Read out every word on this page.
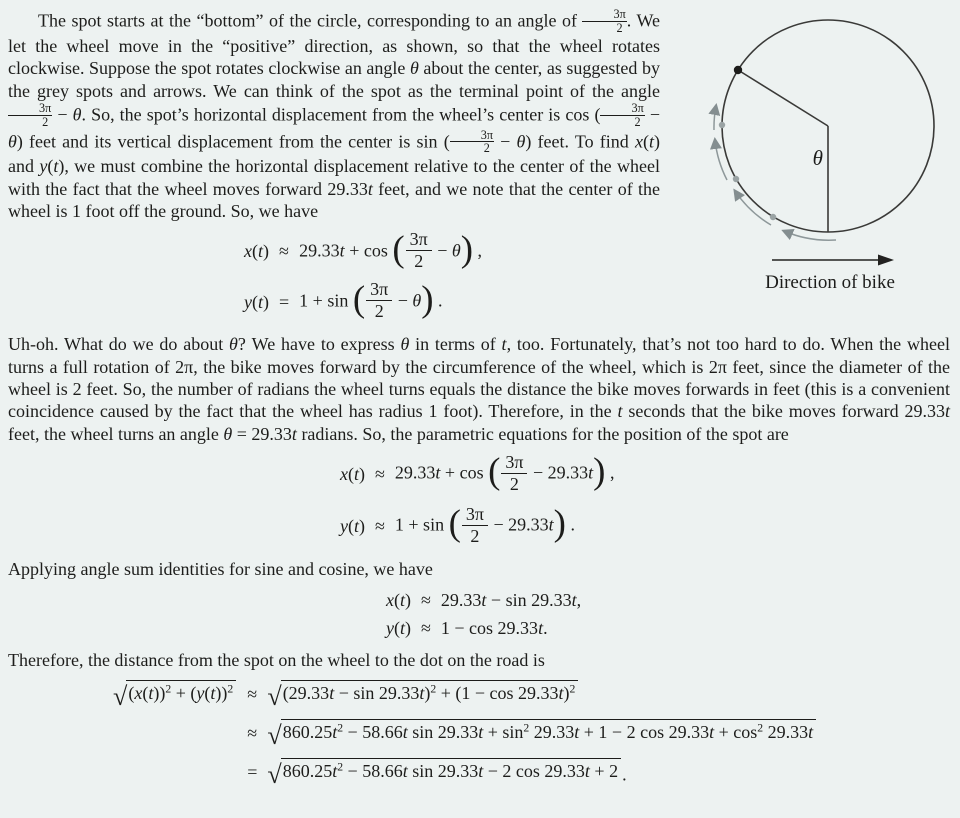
θ
Direction of bike

The spot starts at the “bottom” of the circle, corresponding to an angle of $\frac{3\pi}{2}$ . We let the wheel move in the “positive” direction, as shown, so that the wheel rotates clockwise. Suppose the spot rotates clockwise an angle θ about the center, as suggested by the grey spots and arrows. We can think of the spot as the terminal point of the angle
$\frac{3\pi}{2} - \theta$. So, the spot’s horizontal displacement from the wheel’s center is cos ( $\frac{3\pi}{2} - \theta$) feet and its vertical displacement from the center is sin ( $\frac{3\pi}{2} - \theta$) feet. To find x(t) and y(t), we must combine the horizontal displacement relative to the center of the wheel with the fact that the wheel moves forward 29.33t feet, and we note that the center of the wheel is 1 foot off the ground. So, we have

x(t) ≈ 29.33t + cos ( $\frac{3\pi}{2} - \theta$) ,
y(t) = 1 + sin ( $\frac{3\pi}{2} - \theta$) .

Uh-oh. What do we do about θ? We have to express θ in terms of t, too. Fortunately, that’s not too hard to do. When the wheel turns a full rotation of 2π, the bike moves forward by the circumference of the wheel, which is 2π feet, since the diameter of the wheel is 2 feet. So, the number of radians the wheel turns equals the distance the bike moves forwards in feet (this is a convenient coincidence caused by the fact that the wheel has radius 1 foot). Therefore, in the t seconds that the bike moves forward 29.33t feet, the wheel turns an angle θ = 29.33t radians. So, the parametric equations for the position of the spot are

x(t) ≈ 29.33t + cos ( $\frac{3\pi}{2} - 29.33t$) ,
y(t) ≈ 1 + sin ( $\frac{3\pi}{2} - 29.33t$) .

Applying angle sum identities for sine and cosine, we have

x(t) ≈ 29.33t − sin 29.33t,
y(t) ≈ 1 − cos 29.33t.

Therefore, the distance from the spot on the wheel to the dot on the road is

√ $(x(t))^2 + (y(t))^2$ ≈ √ $(29.33t - \sin 29.33t)^2 + (1 - \cos 29.33t)^2$
≈ √ $860.25t^2 - 58.66t$ $\sin 29.33t + \sin^2 29.33t + 1 - 2$ $\cos 29.33t + \cos^2 29.33t$
= √ $860.25t^2 - 58.66t$ sin 29.33t − 2 cos 29.33t + 2 .
